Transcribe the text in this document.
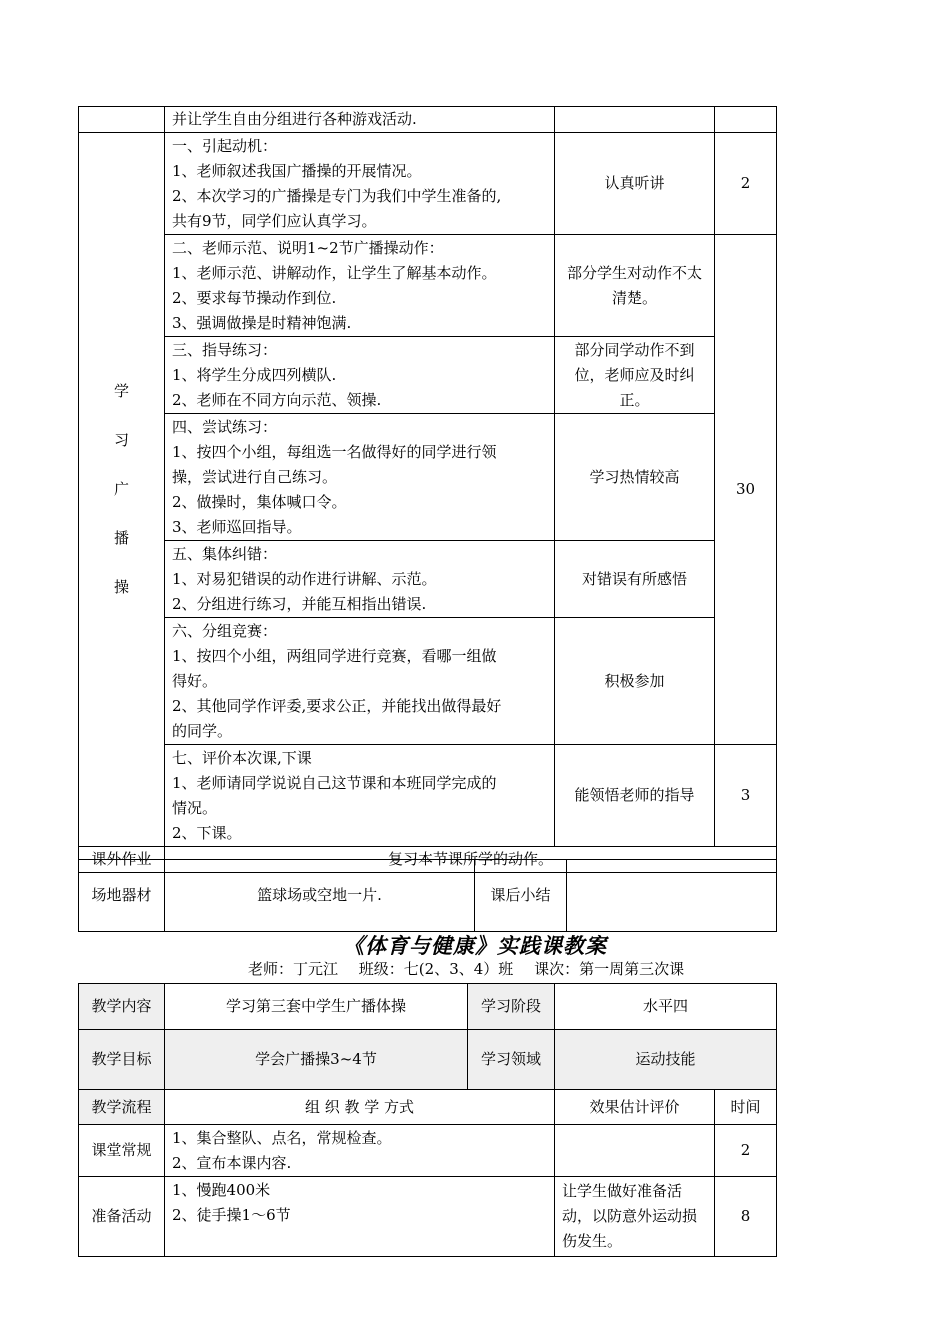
	并让学生自由分组进行各种游戏活动.		

学
习
广
播
操	一、引起动机：
1、老师叙述我国广播操的开展情况。
2、本次学习的广播操是专门为我们中学生准备的,
共有9节，同学们应认真学习。	认真听讲	2

	二、老师示范、说明1~2节广播操动作：
1、老师示范、讲解动作，让学生了解基本动作。
2、要求每节操动作到位.
3、强调做操是时精神饱满.	部分学生对动作不太清楚。	30

	三、指导练习：
1、将学生分成四列横队.
2、老师在不同方向示范、领操.	部分同学动作不到位，老师应及时纠正。	

	四、尝试练习：
1、按四个小组，每组选一名做得好的同学进行领
操，尝试进行自己练习。
2、做操时，集体喊口令。
3、老师巡回指导。	学习热情较高	

	五、集体纠错：
1、对易犯错误的动作进行讲解、示范。
2、分组进行练习，并能互相指出错误.	对错误有所感悟	

	六、分组竞赛：
1、按四个小组，两组同学进行竞赛，看哪一组做
得好。
2、其他同学作评委,要求公正，并能找出做得最好
的同学。	积极参加	

	七、评价本次课,下课
1、老师请同学说说自己这节课和本班同学完成的
情况。
2、下课。	能领悟老师的指导	3
课外作业	复习本节课所学的动作。		
场地器材	篮球场或空地一片.	课后小结	
《体育与健康》实践课教案
老师：丁元江 班级：七(2、3、4）班 课次：第一周第三次课
教学内容	学习第三套中学生广播体操	学习阶段	水平四	
教学目标	学会广播操3~4节	学习领域	运动技能	
教学流程	组 织 教 学 方式		效果估计评价	时间
课堂常规	1、集合整队、点名，常规检查。
2、宣布本课内容.			2
准备活动	1、慢跑400米
2、徒手操1～6节		让学生做好准备活动，以防意外运动损伤发生。	8
